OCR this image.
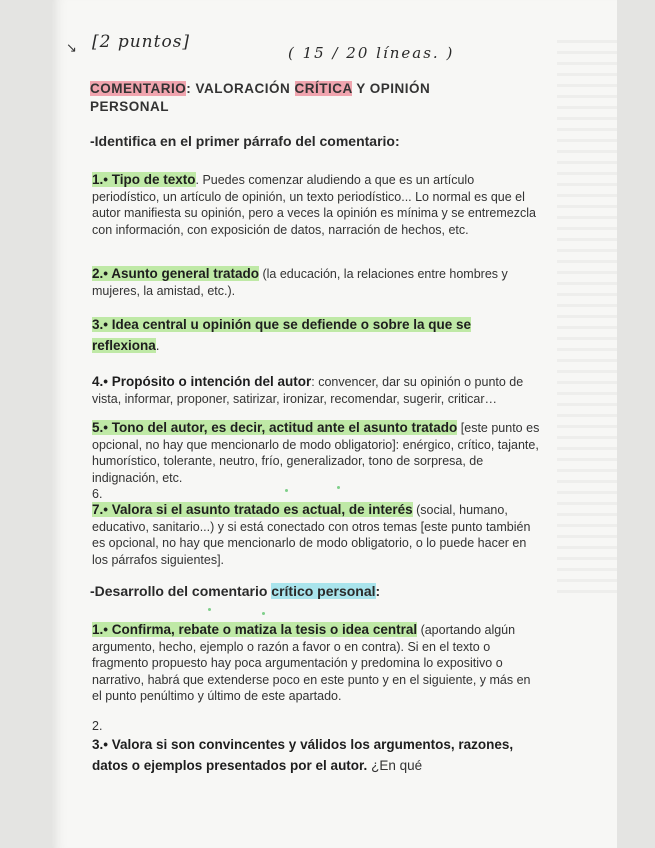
↘ [2 puntos]
( 15 / 20 líneas. )
COMENTARIO: VALORACIÓN CRÍTICA Y OPINIÓN PERSONAL
-Identifica en el primer párrafo del comentario:
1.• Tipo de texto. Puedes comenzar aludiendo a que es un artículo periodístico, un artículo de opinión, un texto periodístico... Lo normal es que el autor manifiesta su opinión, pero a veces la opinión es mínima y se entremezcla con información, con exposición de datos, narración de hechos, etc.
2.• Asunto general tratado (la educación, la relaciones entre hombres y mujeres, la amistad, etc.).
3.• Idea central u opinión que se defiende o sobre la que se reflexiona.
4.• Propósito o intención del autor: convencer, dar su opinión o punto de vista, informar, proponer, satirizar, ironizar, recomendar, sugerir, criticar…
5.• Tono del autor, es decir, actitud ante el asunto tratado [este punto es opcional, no hay que mencionarlo de modo obligatorio]: enérgico, crítico, tajante, humorístico, tolerante, neutro, frío, generalizador, tono de sorpresa, de indignación, etc.
6.
7.• Valora si el asunto tratado es actual, de interés (social, humano, educativo, sanitario...) y si está conectado con otros temas [este punto también es opcional, no hay que mencionarlo de modo obligatorio, o lo puede hacer en los párrafos siguientes].
-Desarrollo del comentario crítico personal:
1.• Confirma, rebate o matiza la tesis o idea central (aportando algún argumento, hecho, ejemplo o razón a favor o en contra). Si en el texto o fragmento propuesto hay poca argumentación y predomina lo expositivo o narrativo, habrá que extenderse poco en este punto y en el siguiente, y más en el punto penúltimo y último de este apartado.
2.
3.• Valora si son convincentes y válidos los argumentos, razones, datos o ejemplos presentados por el autor. ¿En qué
